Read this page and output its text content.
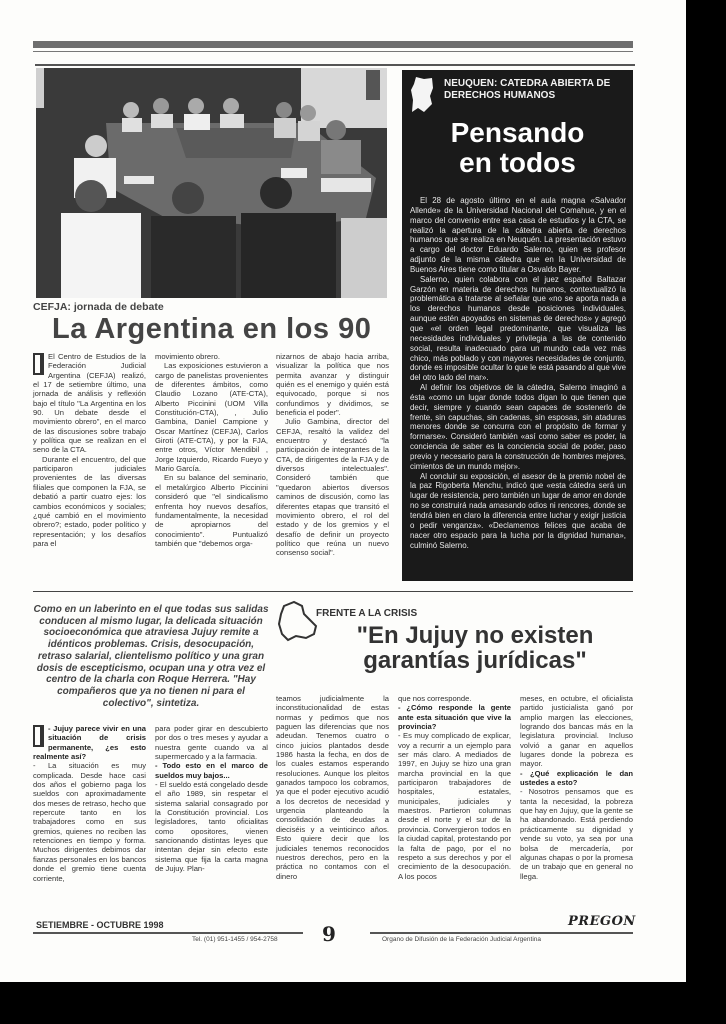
CEFJA: jornada de debate
La Argentina en los 90

El Centro de Estudios de la Federación Judicial Argentina (CEFJA) realizó, el 17 de setiembre último, una jornada de análisis y reflexión bajo el título "La Argentina en los 90. Un debate desde el movimiento obrero", en el marco de las discusiones sobre trabajo y política que se realizan en el seno de la CTA.

Durante el encuentro, del que participaron judiciales provenientes de las diversas filiales que componen la FJA, se debatió a partir cuatro ejes: los cambios económicos y sociales; ¿qué cambió en el movimiento obrero?; estado, poder político y representación; y los desafíos para el

movimiento obrero.

Las exposiciones estuvieron a cargo de panelistas provenientes de diferentes ámbitos, como Claudio Lozano (ATE-CTA), Alberto Piccinini (UOM Villa Constitución-CTA), , Julio Gambina, Daniel Campione y Oscar Martínez (CEFJA), Carlos Giroti (ATE-CTA), y por la FJA, entre otros, Víctor Mendibil , Jorge Izquierdo, Ricardo Fueyo y Mario García.

En su balance del seminario, el metalúrgico Alberto Piccinini consideró que "el sindicalismo enfrenta hoy nuevos desafíos, fundamentalmente, la necesidad de apropiarnos del conocimiento". Puntualizó también que "debemos orga-

nizarnos de abajo hacia arriba, visualizar la política que nos permita avanzar y distinguir quién es el enemigo y quién está equivocado, porque si nos confundimos y dividimos, se beneficia el poder".

Julio Gambina, director del CEFJA, resaltó la validez del encuentro y destacó "la participación de integrantes de la CTA, de dirigentes de la FJA y de diversos intelectuales". Consideró también que "quedaron abiertos diversos caminos de discusión, como las diferentes etapas que transitó el movimiento obrero, el rol del estado y de los gremios y el desafío de definir un proyecto político que reúna un nuevo consenso social".

NEUQUEN: CATEDRA ABIERTA DE DERECHOS HUMANOS
Pensando
en todos

El 28 de agosto último en el aula magna «Salvador Allende» de la Universidad Nacional del Comahue, y en el marco del convenio entre esa casa de estudios y la CTA, se realizó la apertura de la cátedra abierta de derechos humanos que se realiza en Neuquén. La presentación estuvo a cargo del doctor Eduardo Salerno, quien es profesor adjunto de la misma cátedra que en la Universidad de Buenos Aires tiene como titular a Osvaldo Bayer.

Salerno, quien colabora con el juez español Baltazar Garzón en materia de derechos humanos, contextualizó la problemática a tratarse al señalar que «no se aporta nada a los derechos humanos desde posiciones individuales, aunque estén apoyados en sistemas de derechos» y agregó que «el orden legal predominante, que visualiza las necesidades individuales y privilegia a las de contenido social, resulta inadecuado para un mundo cada vez más chico, más poblado y con mayores necesidades de conjunto, donde es imposible ocultar lo que le está pasando al que vive del otro lado del mar».

Al definir los objetivos de la cátedra, Salerno imaginó a ésta «como un lugar donde todos digan lo que tienen que decir, siempre y cuando sean capaces de sostenerlo de frente, sin capuchas, sin cadenas, sin esposas, sin ataduras menores donde se concurra con el propósito de formar y formarse». Consideró también «así como saber es poder, la conciencia de saber es la conciencia social de poder, paso previo y necesario para la construcción de hombres mejores, cimientos de un mundo mejor».

Al concluir su exposición, el asesor de la premio nobel de la paz Rigoberta Menchu, indicó que «esta cátedra será un lugar de resistencia, pero también un lugar de amor en donde no se construirá nada amasando odios ni rencores, donde se tendrá bien en claro la diferencia entre luchar y exigir justicia o pedir venganza». «Declamemos felices que acaba de nacer otro espacio para la lucha por la dignidad humana», culminó Salerno.

Como en un laberinto en el que todas sus salidas conducen al mismo lugar, la delicada situación socioeconómica que atraviesa Jujuy remite a idénticos problemas. Crisis, desocupación, retraso salarial, clientelismo político y una gran dosis de escepticismo, ocupan una y otra vez el centro de la charla con Roque Herrera. "Hay compañeros que ya no tienen ni para el colectivo", sintetiza.
FRENTE A LA CRISIS
"En Jujuy no existen garantías jurídicas"

- Jujuy parece vivir en una situación de crisis permanente, ¿es esto realmente así?

- La situación es muy complicada. Desde hace casi dos años el gobierno paga los sueldos con aproximadamente dos meses de retraso, hecho que repercute tanto en los trabajadores como en sus gremios, quienes no reciben las retenciones en tiempo y forma. Muchos dirigentes debimos dar fianzas personales en los bancos donde el gremio tiene cuenta corriente,

para poder girar en descubierto por dos o tres meses y ayudar a nuestra gente cuando va al supermercado y a la farmacia.

- Todo esto en el marco de sueldos muy bajos...

- El sueldo está congelado desde el año 1989, sin respetar el sistema salarial consagrado por la Constitución provincial. Los legisladores, tanto oficialitas como opositores, vienen sancionando distintas leyes que intentan dejar sin efecto este sistema que fija la carta magna de Jujuy. Plan-

teamos judicialmente la inconstitucionalidad de estas normas y pedimos que nos paguen las diferencias que nos adeudan. Tenemos cuatro o cinco juicios plantados desde 1986 hasta la fecha, en dos de los cuales estamos esperando resoluciones. Aunque los pleitos ganados tampoco los cobramos, ya que el poder ejecutivo acudió a los decretos de necesidad y urgencia planteando la consolidación de deudas a dieciséis y a veinticinco años. Esto quiere decir que los judiciales tenemos reconocidos nuestros derechos, pero en la práctica no contamos con el dinero

que nos corresponde.

- ¿Cómo responde la gente ante esta situación que vive la provincia?

- Es muy complicado de explicar, voy a recurrir a un ejemplo para ser más claro. A mediados de 1997, en Jujuy se hizo una gran marcha provincial en la que participaron trabajadores de hospitales, estatales, municipales, judiciales y maestros. Partieron columnas desde el norte y el sur de la provincia. Convergieron todos en la ciudad capital, protestando por la falta de pago, por el no respeto a sus derechos y por el crecimiento de la desocupación. A los pocos

meses, en octubre, el oficialista partido justicialista ganó por amplio margen las elecciones, logrando dos bancas más en la legislatura provincial. Incluso volvió a ganar en aquellos lugares donde la pobreza es mayor.

- ¿Qué explicación le dan ustedes a esto?

- Nosotros pensamos que es tanta la necesidad, la pobreza que hay en Jujuy, que la gente se ha abandonado. Está perdiendo prácticamente su dignidad y vende su voto, ya sea por una bolsa de mercadería, por algunas chapas o por la promesa de un trabajo que en general no llega.

SETIEMBRE - OCTUBRE 1998
Tel. (01) 951-1455 / 954-2758 9	Organo de Difusión de la Federación Judicial Argentina
PREGON
